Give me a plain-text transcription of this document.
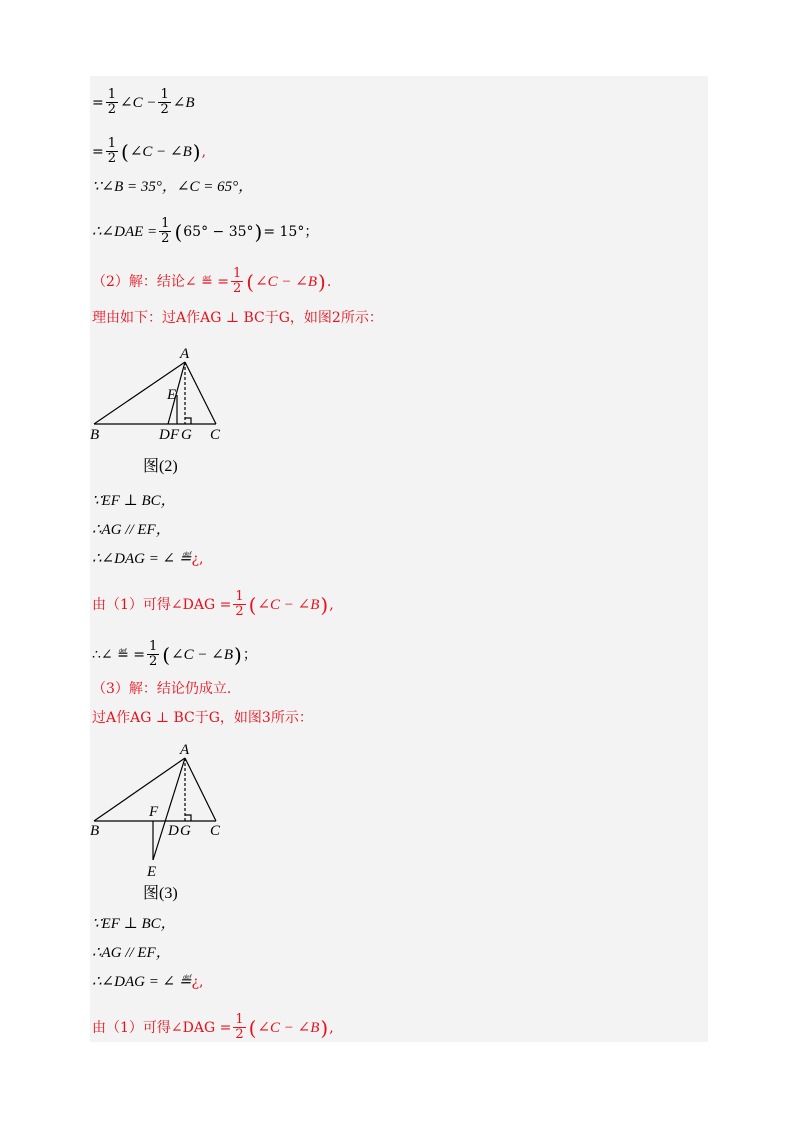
= $\frac{1}{2}$ ∠C − $\frac{1}{2}$ ∠B
= $\frac{1}{2}$ ( ∠C − ∠B ) ,
∵∠B = 35°，∠C = 65°，
∴∠DAE = $\frac{1}{2}$ ( 65° − 35° ) = 15°；
（2）解：结论∠ ≝ = $\frac{1}{2}$ ( ∠C − ∠B ) .
理由如下：过A作AG ⊥ BC于G，如图2所示：
A
E
B	D F G C
图(2)
∵EF ⊥ BC，
∴AG // EF，
∴∠DAG = ∠ ≝ ¿ ,
由（1）可得∠DAG = $\frac{1}{2}$ ( ∠C − ∠B ) ,
∴∠ ≝ = $\frac{1}{2}$ ( ∠C − ∠B ) ；
（3）解：结论仍成立.
过A作AG ⊥ BC于G，如图3所示：
A
F
B	D G C
E
图(3)
∵EF ⊥ BC，
∴AG // EF，
∴∠DAG = ∠ ≝ ¿ ,
由（1）可得∠DAG = $\frac{1}{2}$ ( ∠C − ∠B ) ,
